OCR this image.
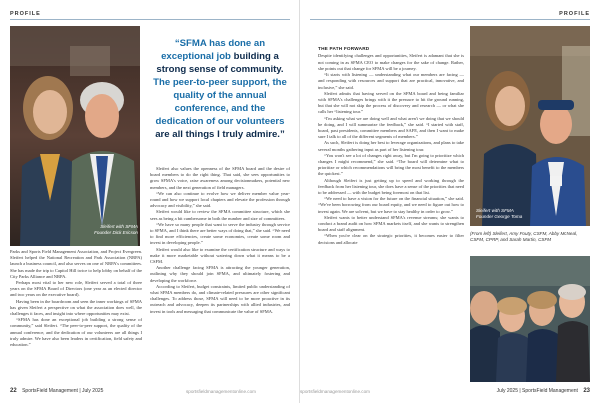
PROFILE
Sleifert with SFMA
Founder Dick Ericson
“SFMA has done an exceptional job building a strong sense of community. The peer-to-peer support, the quality of the annual conference, and the dedication of our volunteers are all things I truly admire.”

Parks and Sports Field Management Association, and Project Evergreen. Sleifert helped the National Recreation and Park Association (NRPA) launch a business council, and also serves on one of NRPA's committees. She has made the trip to Capitol Hill twice to help lobby on behalf of the City Parks Alliance and NRPA.

Perhaps most vital to her new role, Sleifert served a total of three years on the SFMA Board of Directors (one year as an elected director and two years on the executive board).

Having been in the boardroom and seen the inner workings of SFMA has given Sleifert a perspective on what the association does well, the challenges it faces, and insight into where opportunities may exist.

“SFMA has done an exceptional job building a strong sense of community,” said Sleifert. “The peer-to-peer support, the quality of the annual conference, and the dedication of our volunteers are all things I truly admire. We have also been leaders in certification, field safety and education.”

Sleifert also values the openness of the SFMA board and the desire of board members to do the right thing. That said, she sees opportunities to grow SFMA's voice, raise awareness among decisionmakers, potential new members, and the next generation of field managers.

“We can also continue to evolve how we deliver member value year-round and how we support local chapters and elevate the profession through advocacy and visibility,” she said.

Sleifert would like to review the SFMA committee structure, which she sees as being a bit cumbersome in both the number and size of committees.

“We have so many people that want to serve the industry through service to SFMA, and I think there are better ways of doing that,” she said. “We need to find more efficiencies, create some economies, create some room and invest in developing people.”

Sleifert would also like to examine the certification structure and ways to make it more marketable without watering down what it means to be a CSFM.

Another challenge facing SFMA is attracting the younger generation, outlining why they should join SFMA, and ultimately fostering and developing the workforce.

According to Sleifert, budget constraints, limited public understanding of what SFMA members do, and climate-related pressures are other significant challenges. To address those, SFMA will need to be more proactive in its outreach and advocacy, deepen its partnerships with allied industries, and invest in tools and messaging that communicate the value of SFMA.

22 SportsField Management | July 2025	sportsfieldmanagementonline.com
PROFILE
THE PATH FORWARD

Despite identifying challenges and opportunities, Sleifert is adamant that she is not coming in as SFMA CEO to make changes for the sake of change. Rather, she points out that change for SFMA will be a journey.

“It starts with listening — understanding what our members are facing — and responding with resources and support that are practical, innovative, and inclusive,” she said.

Sleifert admits that having served on the SFMA board and being familiar with SFMA's challenges brings with it the pressure to hit the ground running, but that she will not skip the process of discovery and research — or what she calls her “listening tour.”

“I'm asking what we are doing well and what aren't we doing that we should be doing, and I will summarize the feedback,” she said. “I started with staff, board, past presidents, committee members and SAFE, and then I want to make sure I talk to all of the different segments of members.”

As such, Sleifert is doing her best to leverage organizations, and plans to take several months gathering input as part of her listening tour.

“You won't see a lot of changes right away, but I'm going to prioritize which changes I might recommend,” she said. “The board will determine what to prioritize or which recommendations will bring the most benefit to the members the quickest.”

Although Sleifert is just getting up to speed and working through the feedback from her listening tour, she does have a sense of the priorities that need to be addressed — with the budget being foremost on that list.

“We need to have a vision for the future on the financial situation,” she said. “We've been borrowing from our board equity, and we need to figure out how to invest again. We are solvent, but we have to stay healthy in order to grow.”

Sleifert wants to better understand SFMA's revenue streams; she wants to conduct a brand audit on how SFMA markets itself, and she wants to strengthen board and staff alignment.

“When you're clear on the strategic priorities, it becomes easier to filter decisions and allocate

Sleifert with SFMA
Founder George Toma
(From left) Sleifert, Amy Fouty, CSFM, Abby McNeal, CSFM, CPRP, and Sarah Martin, CSFM
July 2025 | SportsField Management 23
sportsfieldmanagementonline.com
